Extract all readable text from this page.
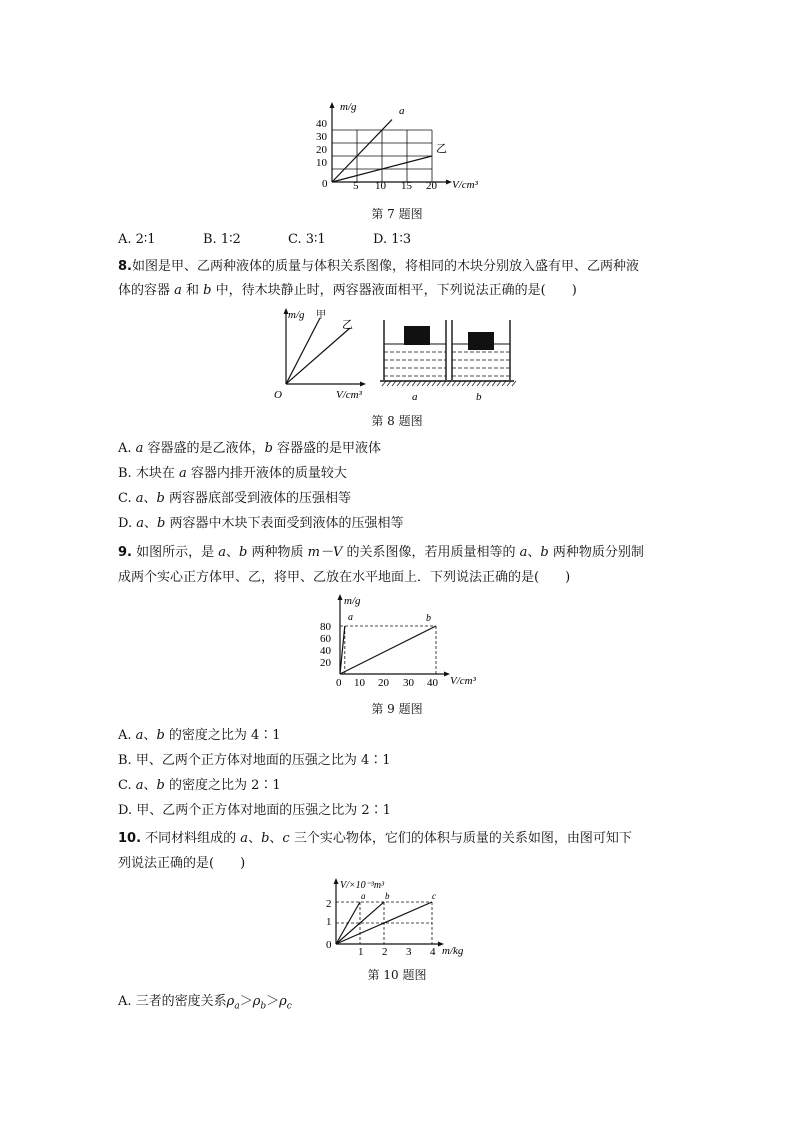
m/g
V/cm³
a
乙
40
30
20
10
0 5 10 15 20
第 7 题图
A. 2∶1	B. 1∶2	C. 3∶1	D. 1∶3
8.如图是甲、乙两种液体的质量与体积关系图像，将相同的木块分别放入盛有甲、乙两种液
体的容器 a 和 b 中，待木块静止时，两容器液面相平，下列说法正确的是(　　)
m/g
V/cm³
O
甲
乙
a	b
第 8 题图
A. a 容器盛的是乙液体，b 容器盛的是甲液体
B. 木块在 a 容器内排开液体的质量较大
C. a、b 两容器底部受到液体的压强相等
D. a、b 两容器中木块下表面受到液体的压强相等
9. 如图所示，是 a、b 两种物质 m－V 的关系图像，若用质量相等的 a、b 两种物质分别制
成两个实心正方体甲、乙，将甲、乙放在水平地面上．下列说法正确的是(　　)
m/g
V/cm³
a	b
80
60
40
20
0 10 20 30 40
第 9 题图
A. a、b 的密度之比为 4∶1
B. 甲、乙两个正方体对地面的压强之比为 4∶1
C. a、b 的密度之比为 2∶1
D. 甲、乙两个正方体对地面的压强之比为 2∶1
10. 不同材料组成的 a、b、c 三个实心物体，它们的体积与质量的关系如图，由图可知下
列说法正确的是(　　)
V/×10⁻³m³
m/kg
a b	c
2
1
0
1 2 3 4
第 10 题图
A. 三者的密度关系$\rho_a>\rho_b>\rho_c$
